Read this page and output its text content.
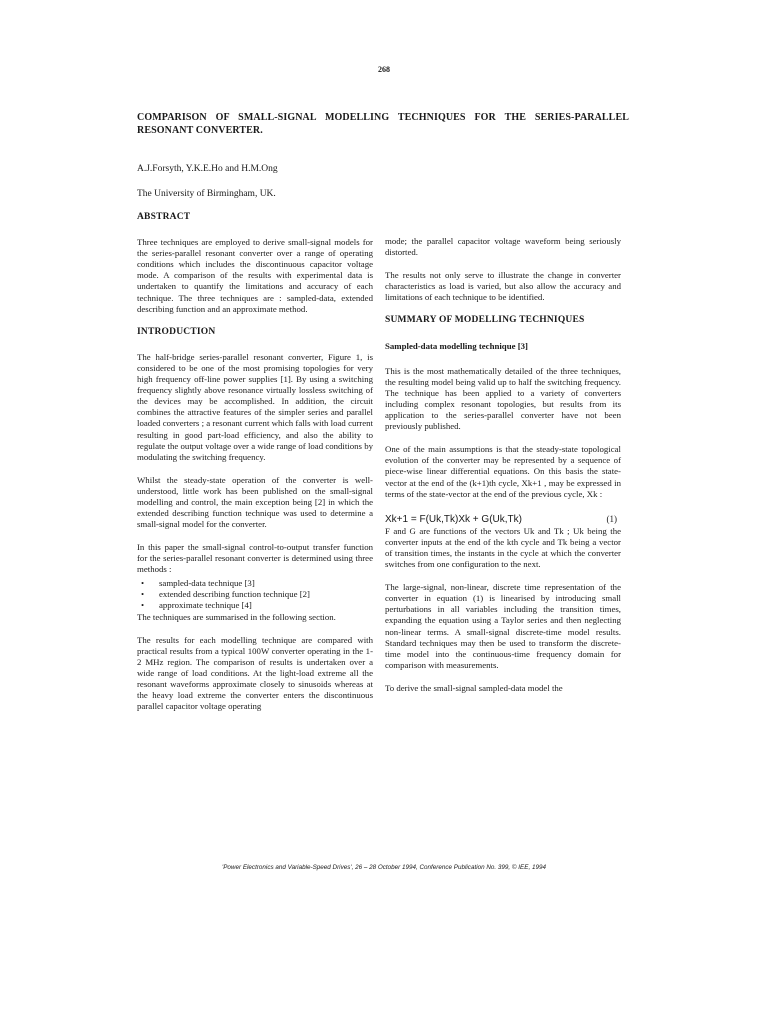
268
COMPARISON OF SMALL-SIGNAL MODELLING TECHNIQUES FOR THE SERIES-PARALLEL RESONANT CONVERTER.
A.J.Forsyth, Y.K.E.Ho and H.M.Ong
The University of Birmingham, UK.
ABSTRACT

Three techniques are employed to derive small-signal models for the series-parallel resonant converter over a range of operating conditions which includes the discontinuous capacitor voltage mode. A comparison of the results with experimental data is undertaken to quantify the limitations and accuracy of each technique. The three techniques are : sampled-data, extended describing function and an approximate method.

INTRODUCTION

The half-bridge series-parallel resonant converter, Figure 1, is considered to be one of the most promising topologies for very high frequency off-line power supplies [1]. By using a switching frequency slightly above resonance virtually lossless switching of the devices may be accomplished. In addition, the circuit combines the attractive features of the simpler series and parallel loaded converters ; a resonant current which falls with load current resulting in good part-load efficiency, and also the ability to regulate the output voltage over a wide range of load conditions by modulating the switching frequency.

Whilst the steady-state operation of the converter is well-understood, little work has been published on the small-signal modelling and control, the main exception being [2] in which the extended describing function technique was used to determine a small-signal model for the converter.

In this paper the small-signal control-to-output transfer function for the series-parallel resonant converter is determined using three methods :

• sampled-data technique [3]
• extended describing function technique [2]
• approximate technique [4]
The techniques are summarised in the following section.

The results for each modelling technique are compared with practical results from a typical 100W converter operating in the 1-2 MHz region. The comparison of results is undertaken over a wide range of load conditions. At the light-load extreme all the resonant waveforms approximate closely to sinusoids whereas at the heavy load extreme the converter enters the discontinuous parallel capacitor voltage operating

mode; the parallel capacitor voltage waveform being seriously distorted.

The results not only serve to illustrate the change in converter characteristics as load is varied, but also allow the accuracy and limitations of each technique to be identified.

SUMMARY OF MODELLING TECHNIQUES
Sampled-data modelling technique [3]

This is the most mathematically detailed of the three techniques, the resulting model being valid up to half the switching frequency. The technique has been applied to a variety of converters including complex resonant topologies, but results from its application to the series-parallel converter have not been previously published.

One of the main assumptions is that the steady-state topological evolution of the converter may be represented by a sequence of piece-wise linear differential equations. On this basis the state-vector at the end of the (k+1)th cycle, Xk+1 , may be expressed in terms of the state-vector at the end of the previous cycle, Xk :

Xk+1 = F(Uk,Tk)Xk + G(Uk,Tk)	(1)

F and G are functions of the vectors Uk and Tk ; Uk being the converter inputs at the end of the kth cycle and Tk being a vector of transition times, the instants in the cycle at which the converter switches from one configuration to the next.

The large-signal, non-linear, discrete time representation of the converter in equation (1) is linearised by introducing small perturbations in all variables including the transition times, expanding the equation using a Taylor series and then neglecting non-linear terms. A small-signal discrete-time model results. Standard techniques may then be used to transform the discrete-time model into the continuous-time frequency domain for comparison with measurements.

To derive the small-signal sampled-data model the

'Power Electronics and Variable-Speed Drives', 26 – 28 October 1994, Conference Publication No. 399, © IEE, 1994
